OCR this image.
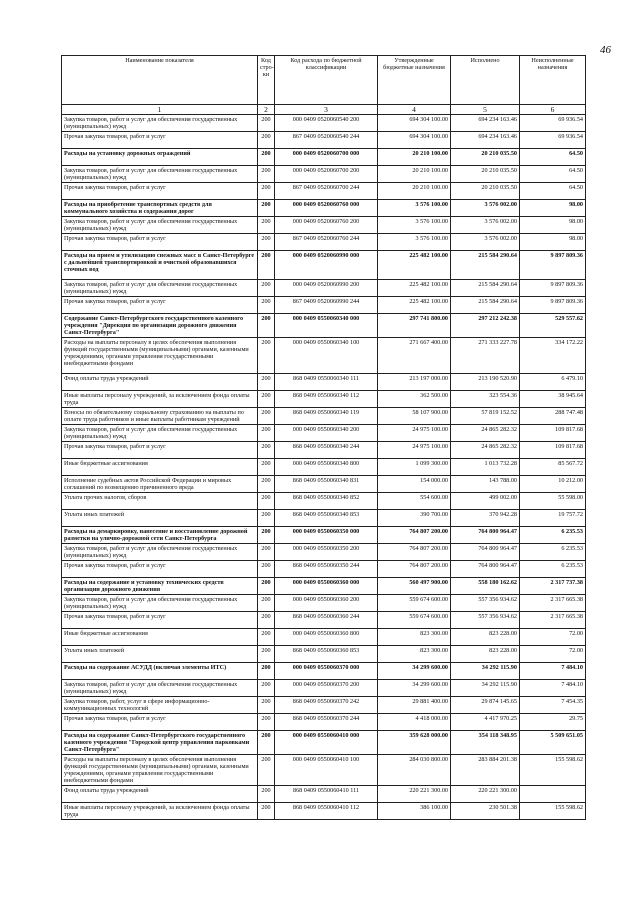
46
Наименование показателя	Код стро-ки	Код расхода по бюджетной классификации	Утвержденные бюджетные назначения	Исполнено	Неисполненные назначения
1	2	3	4	5	6
Закупка товаров, работ и услуг для обеспечения государственных (муниципальных) нужд	200	000 0409 0520060540 200	694 304 100.00	694 234 163.46	69 936.54
Прочая закупка товаров, работ и услуг	200	867 0409 0520060540 244	694 304 100.00	694 234 163.46	69 936.54
Расходы на установку дорожных ограждений	200	000 0409 0520060700 000	20 210 100.00	20 210 035.50	64.50
Закупка товаров, работ и услуг для обеспечения государственных (муниципальных) нужд	200	000 0409 0520060700 200	20 210 100.00	20 210 035.50	64.50
Прочая закупка товаров, работ и услуг	200	867 0409 0520060700 244	20 210 100.00	20 210 035.50	64.50
Расходы на приобретение транспортных средств для коммунального хозяйства и содержания дорог	200	000 0409 0520060760 000	3 576 100.00	3 576 002.00	98.00
Закупка товаров, работ и услуг для обеспечения государственных (муниципальных) нужд	200	000 0409 0520060760 200	3 576 100.00	3 576 002.00	98.00
Прочая закупка товаров, работ и услуг	200	867 0409 0520060760 244	3 576 100.00	3 576 002.00	98.00
Расходы на прием и утилизацию снежных масс в Санкт-Петербурге с дальнейшей транспортировкой и очисткой образовавшихся сточных вод	200	000 0409 0520060990 000	225 482 100.00	215 584 290.64	9 897 809.36
Закупка товаров, работ и услуг для обеспечения государственных (муниципальных) нужд	200	000 0409 0520060990 200	225 482 100.00	215 584 290.64	9 897 809.36
Прочая закупка товаров, работ и услуг	200	867 0409 0520060990 244	225 482 100.00	215 584 290.64	9 897 809.36
Содержание Санкт-Петербургского государственного казенного учреждения "Дирекция по организации дорожного движения Санкт-Петербурга"	200	000 0409 0550060340 000	297 741 800.00	297 212 242.38	529 557.62
Расходы на выплаты персоналу в целях обеспечения выполнения функций государственными (муниципальными) органами, казенными учреждениями, органами управления государственными внебюджетными фондами	200	000 0409 0550060340 100	271 667 400.00	271 333 227.78	334 172.22
Фонд оплаты труда учреждений	200	868 0409 0550060340 111	213 197 000.00	213 190 520.90	6 479.10
Иные выплаты персоналу учреждений, за исключением фонда оплаты труда	200	868 0409 0550060340 112	362 500.00	323 554.36	38 945.64
Взносы по обязательному социальному страхованию на выплаты по оплате труда работников и иные выплаты работникам учреждений	200	868 0409 0550060340 119	58 107 900.00	57 819 152.52	288 747.48
Закупка товаров, работ и услуг для обеспечения государственных (муниципальных) нужд	200	000 0409 0550060340 200	24 975 100.00	24 865 282.32	109 817.68
Прочая закупка товаров, работ и услуг	200	868 0409 0550060340 244	24 975 100.00	24 865 282.32	109 817.68
Иные бюджетные ассигнования	200	000 0409 0550060340 800	1 099 300.00	1 013 732.28	85 567.72
Исполнение судебных актов Российской Федерации и мировых соглашений по возмещению причиненного вреда	200	868 0409 0550060340 831	154 000.00	143 788.00	10 212.00
Уплата прочих налогов, сборов	200	868 0409 0550060340 852	554 600.00	499 002.00	55 598.00
Уплата иных платежей	200	868 0409 0550060340 853	390 700.00	370 942.28	19 757.72
Расходы на демаркировку, нанесение и восстановление дорожной разметки на улично-дорожной сети Санкт-Петербурга	200	000 0409 0550060350 000	764 807 200.00	764 800 964.47	6 235.53
Закупка товаров, работ и услуг для обеспечения государственных (муниципальных) нужд	200	000 0409 0550060350 200	764 807 200.00	764 800 964.47	6 235.53
Прочая закупка товаров, работ и услуг	200	868 0409 0550060350 244	764 807 200.00	764 800 964.47	6 235.53
Расходы на содержание и установку технических средств организации дорожного движения	200	000 0409 0550060360 000	560 497 900.00	558 180 162.62	2 317 737.38
Закупка товаров, работ и услуг для обеспечения государственных (муниципальных) нужд	200	000 0409 0550060360 200	559 674 600.00	557 356 934.62	2 317 665.38
Прочая закупка товаров, работ и услуг	200	868 0409 0550060360 244	559 674 600.00	557 356 934.62	2 317 665.38
Иные бюджетные ассигнования	200	000 0409 0550060360 800	823 300.00	823 228.00	72.00
Уплата иных платежей	200	868 0409 0550060360 853	823 300.00	823 228.00	72.00
Расходы на содержание АСУДД (включая элементы ИТС)	200	000 0409 0550060370 000	34 299 600.00	34 292 115.90	7 484.10
Закупка товаров, работ и услуг для обеспечения государственных (муниципальных) нужд	200	000 0409 0550060370 200	34 299 600.00	34 292 115.90	7 484.10
Закупка товаров, работ, услуг в сфере информационно-коммуникационных технологий	200	868 0409 0550060370 242	29 881 400.00	29 874 145.65	7 454.35
Прочая закупка товаров, работ и услуг	200	868 0409 0550060370 244	4 418 000.00	4 417 970.25	29.75
Расходы на содержание Санкт-Петербургского государственного казенного учреждения "Городской центр управления парковками Санкт-Петербурга"	200	000 0409 0550060410 000	359 628 000.00	354 118 348.95	5 509 651.05
Расходы на выплаты персоналу в целях обеспечения выполнения функций государственными (муниципальными) органами, казенными учреждениями, органами управления государственными внебюджетными фондами	200	000 0409 0550060410 100	284 030 800.00	283 884 201.38	155 598.62
Фонд оплаты труда учреждений	200	868 0409 0550060410 111	220 221 300.00	220 221 300.00	
Иные выплаты персоналу учреждений, за исключением фонда оплаты труда	200	868 0409 0550060410 112	386 100.00	230 501.38	155 598.62
